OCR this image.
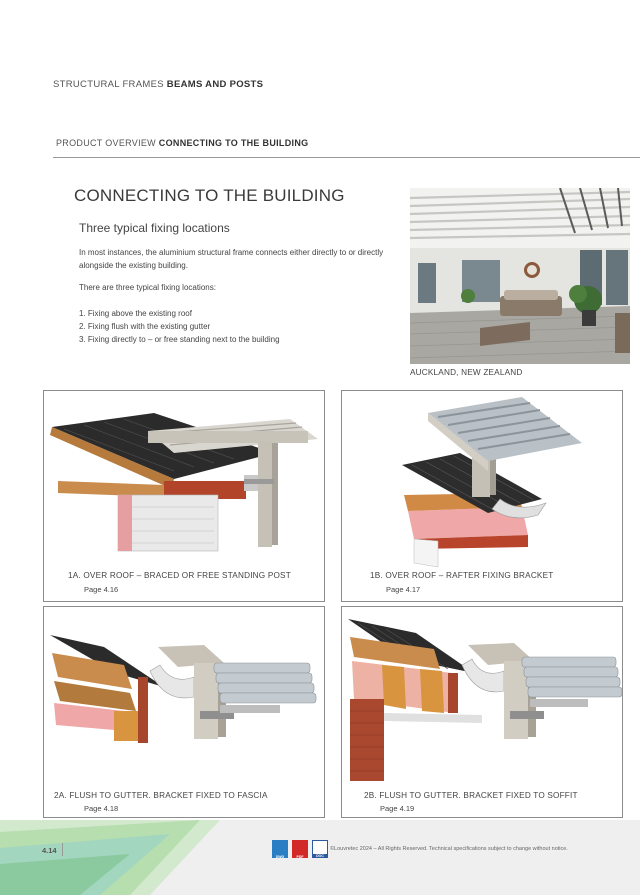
STRUCTURAL FRAMES BEAMS AND POSTS
PRODUCT OVERVIEW CONNECTING TO THE BUILDING
CONNECTING TO THE BUILDING
Three typical fixing locations

In most instances, the aluminium structural frame connects either directly to or directly alongside the existing building.

There are three typical fixing locations:

1. Fixing above the existing roof
2. Fixing flush with the existing gutter
3. Fixing directly to – or free standing next to the building
AUCKLAND, NEW ZEALAND
1A. OVER ROOF – BRACED OR FREE STANDING POST
Page 4.16
1B. OVER ROOF – RAFTER FIXING BRACKET
Page 4.17
2A. FLUSH TO GUTTER. BRACKET FIXED TO FASCIA
Page 4.18
2B. FLUSH TO GUTTER. BRACKET FIXED TO SOFFIT
Page 4.19
4.14
DWG	PDF	DOC
©Louvretec 2024 – All Rights Reserved. Technical specifications subject to change without notice.
